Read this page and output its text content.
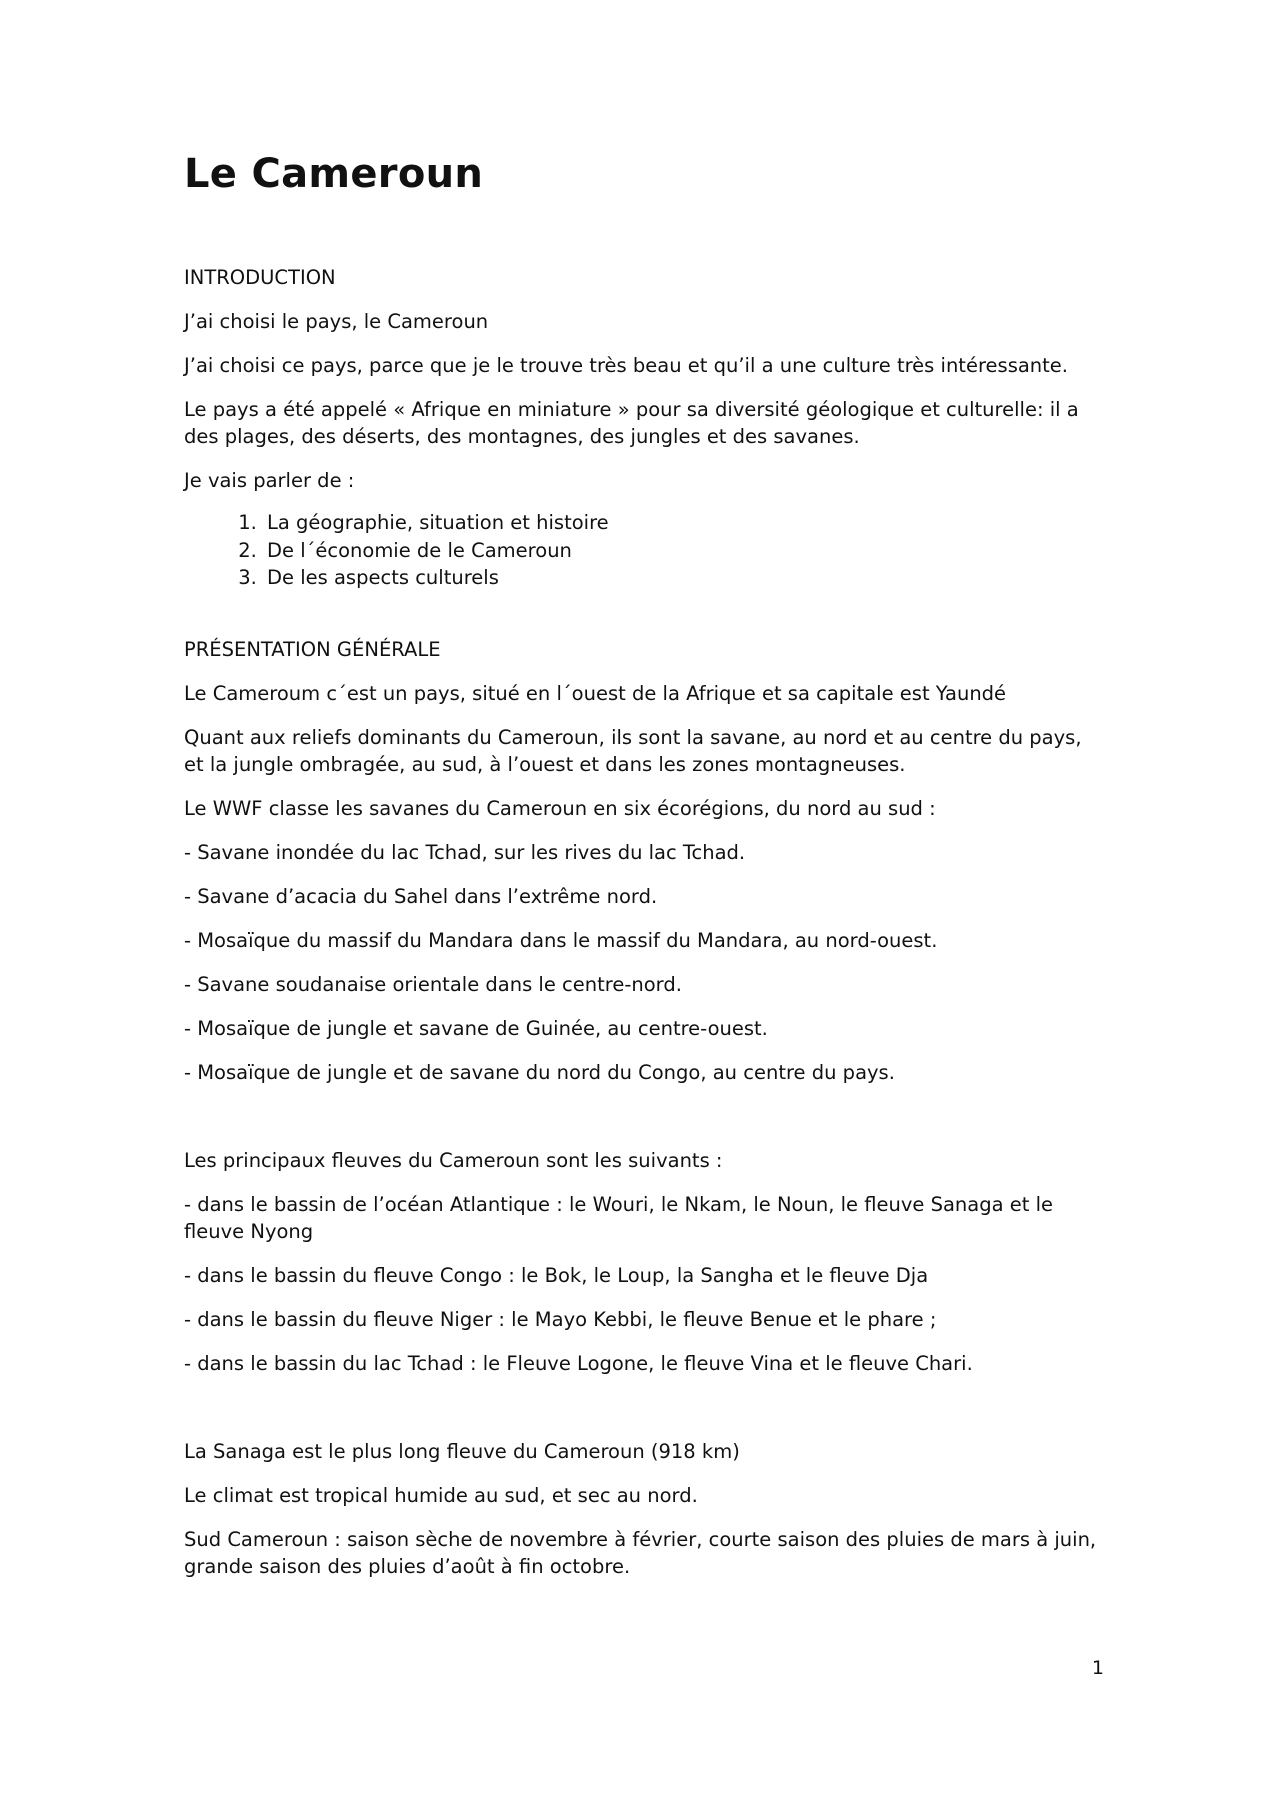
Le Cameroun

INTRODUCTION

J’ai choisi le pays, le Cameroun

J’ai choisi ce pays, parce que je le trouve très beau et qu’il a une culture très intéressante.

Le pays a été appelé « Afrique en miniature » pour sa diversité géologique et culturelle: il a des plages, des déserts, des montagnes, des jungles et des savanes.

Je vais parler de :

1. La géographie, situation et histoire
2. De l´économie de le Cameroun
3. De les aspects culturels

PRÉSENTATION GÉNÉRALE

Le Cameroum c´est un pays, situé en l´ouest de la Afrique et sa capitale est Yaundé

Quant aux reliefs dominants du Cameroun, ils sont la savane, au nord et au centre du pays, et la jungle ombragée, au sud, à l’ouest et dans les zones montagneuses.

Le WWF classe les savanes du Cameroun en six écorégions, du nord au sud :

- Savane inondée du lac Tchad, sur les rives du lac Tchad.

- Savane d’acacia du Sahel dans l’extrême nord.

- Mosaïque du massif du Mandara dans le massif du Mandara, au nord-ouest.

- Savane soudanaise orientale dans le centre-nord.

- Mosaïque de jungle et savane de Guinée, au centre-ouest.

- Mosaïque de jungle et de savane du nord du Congo, au centre du pays.

Les principaux fleuves du Cameroun sont les suivants :

- dans le bassin de l’océan Atlantique : le Wouri, le Nkam, le Noun, le fleuve Sanaga et le fleuve Nyong

- dans le bassin du fleuve Congo : le Bok, le Loup, la Sangha et le fleuve Dja

- dans le bassin du fleuve Niger : le Mayo Kebbi, le fleuve Benue et le phare ;

- dans le bassin du lac Tchad : le Fleuve Logone, le fleuve Vina et le fleuve Chari.

La Sanaga est le plus long fleuve du Cameroun (918 km)

Le climat est tropical humide au sud, et sec au nord.

Sud Cameroun : saison sèche de novembre à février, courte saison des pluies de mars à juin, grande saison des pluies d’août à fin octobre.

1
